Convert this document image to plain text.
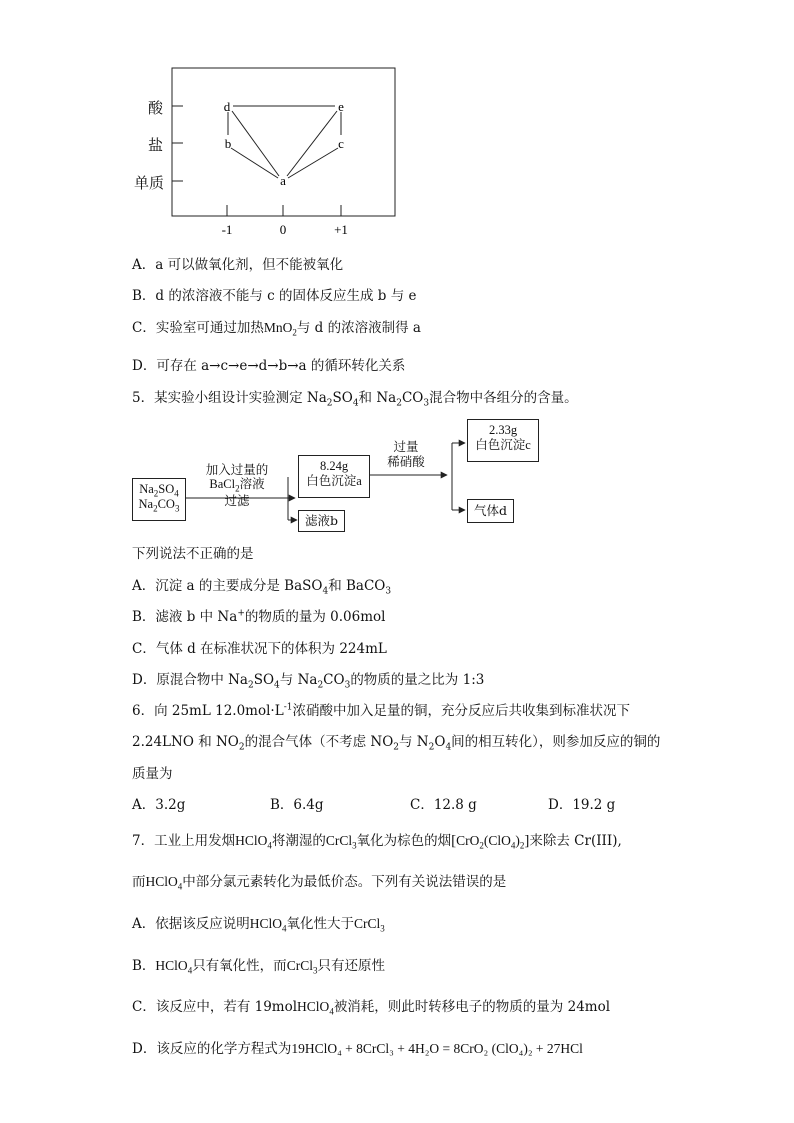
d	e
b	c
a
-1	0	+1
酸
盐
单质
A．a 可以做氧化剂，但不能被氧化
B．d 的浓溶液不能与 c 的固体反应生成 b 与 e
C．实验室可通过加热MnO$_2$与 d 的浓溶液制得 a
D．可存在 a→c→e→d→b→a 的循环转化关系
5．某实验小组设计实验测定 $Na_2SO_4$和 $Na_2CO_3$混合物中各组分的含量。
$Na_2SO_4$
$Na_2CO_3$
加入过量的
BaCl$_2$溶液
过滤
8.24g
白色沉淀a
滤液b
过量
稀硝酸
2.33g
白色沉淀c
气体d
下列说法不正确的是
A．沉淀 a 的主要成分是 BaSO$_4$和 BaCO$_3$
B．滤液 b 中 Na+的物质的量为 0.06mol
C．气体 d 在标准状况下的体积为 224mL
D．原混合物中 $Na_2SO_4$与 $Na_2CO_3$的物质的量之比为 1:3
6．向 25mL $12.0mol\cdot L^{-1}$浓硝酸中加入足量的铜，充分反应后共收集到标准状况下
2.24LNO 和 $NO_2$的混合气体（不考虑 $NO_2$与 $N_2O_4$间的相互转化），则参加反应的铜的
质量为
A．3.2g	B．6.4g	C．12.8 g	D．19.2 g
7．工业上用发烟HClO$_4$将潮湿的CrCl$_3$氧化为棕色的烟$[CrO_2(ClO_4)_2]$来除去 Cr(III),
而HClO$_4$中部分氯元素转化为最低价态。下列有关说法错误的是
A．依据该反应说明HClO$_4$氧化性大于CrCl$_3$
B．HClO$_4$只有氧化性，而CrCl$_3$只有还原性
C．该反应中，若有 19molHClO$_4$被消耗，则此时转移电子的物质的量为 24mol
D．该反应的化学方程式为19HClO₄ + 8CrCl₃ + 4H₂O = 8CrO₂ (ClO₄)₂ + 27HCl
